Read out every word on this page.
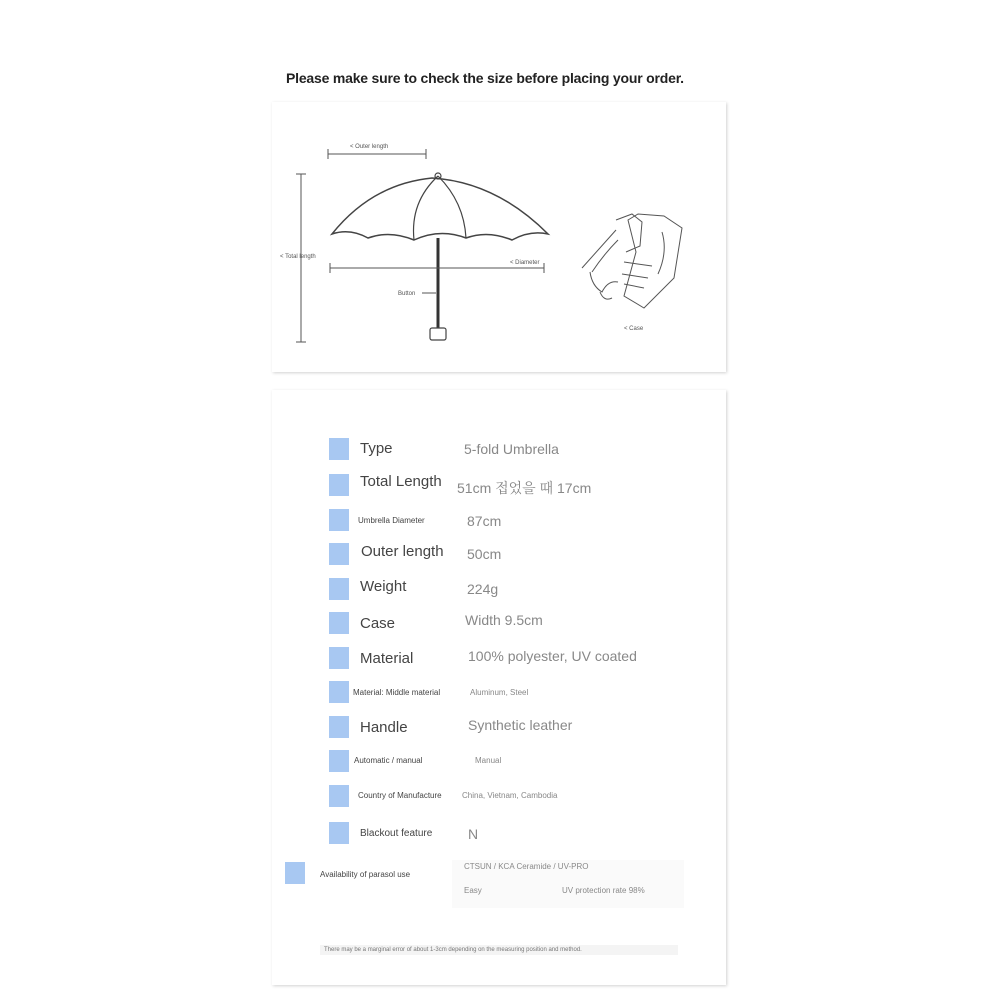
Please make sure to check the size before placing your order.
< Outer length
< Total length
< Diameter
Button
< Case
Type	5-fold Umbrella
Total Length 51cm 접었을 때 17cm
Umbrella Diameter	87cm
Outer length 50cm
Weight	224g
Case	Width 9.5cm
Material	100% polyester, UV coated
Material: Middle material	Aluminum, Steel
Handle	Synthetic leather
Automatic / manual	Manual
Country of Manufacture	China, Vietnam, Cambodia
Blackout feature	N
Availability of parasol use
CTSUN / KCA Ceramide / UV-PRO
Easy	UV protection rate 98%
There may be a marginal error of about 1-3cm depending on the measuring position and method.
